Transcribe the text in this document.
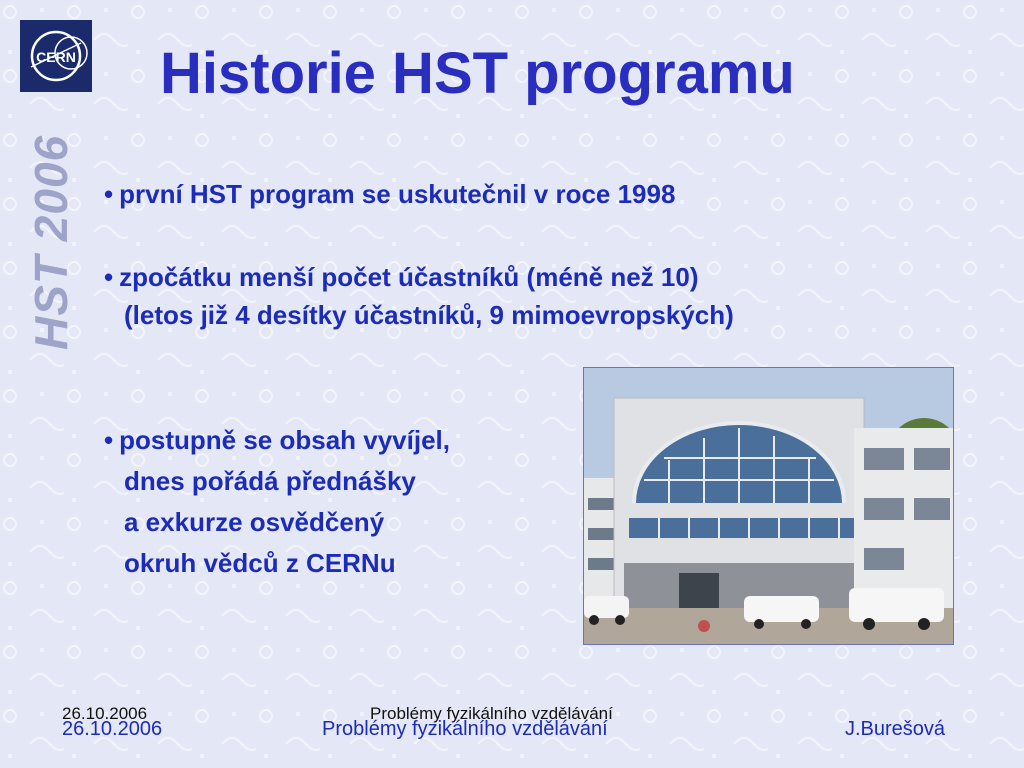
CERN
HST 2006
Historie HST programu
• první HST program se uskutečnil v roce 1998
• zpočátku menší počet účastníků (méně než 10)
(letos již 4 desítky účastníků, 9 mimoevropských)
• postupně se obsah vyvíjel,
dnes pořádá přednášky
a exkurze osvědčený
okruh vědců z CERNu
26.10.2006	Problémy fyzikálního vzdělávání
26.10.2006	Problémy fyzikálního vzdělávání	J.Burešová
